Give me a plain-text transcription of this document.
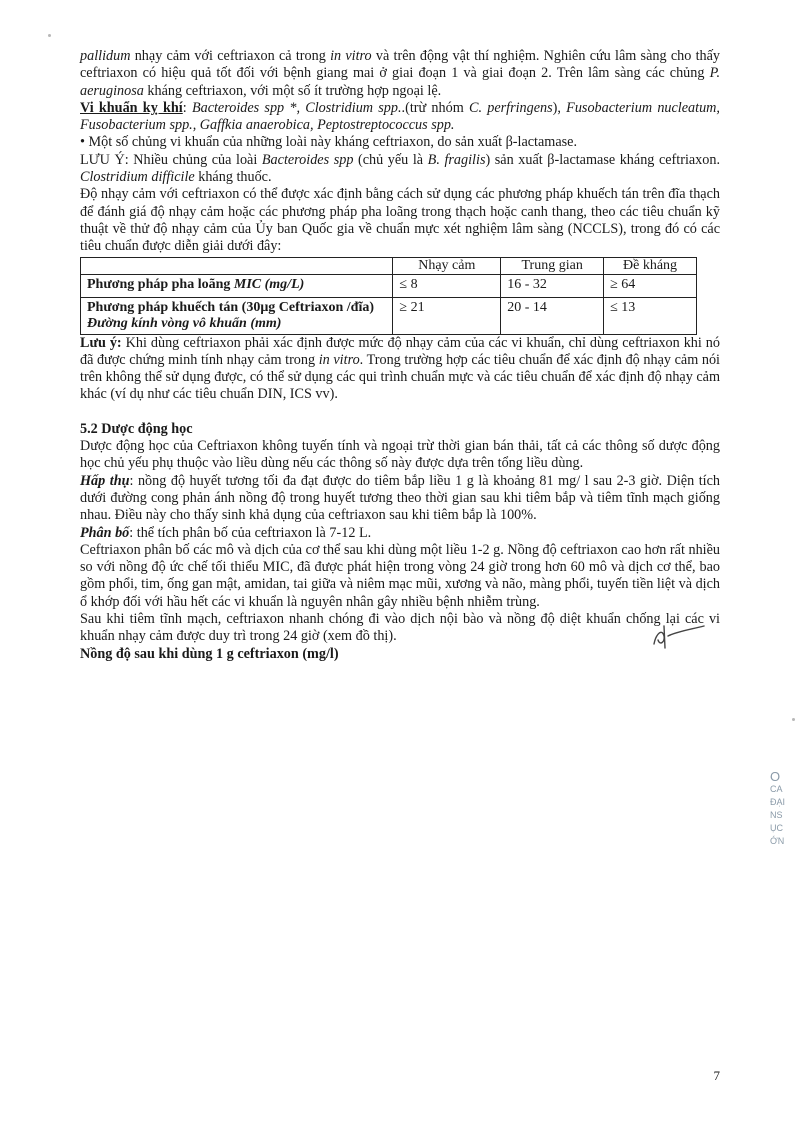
pallidum nhạy cảm với ceftriaxon cả trong in vitro và trên động vật thí nghiệm. Nghiên cứu lâm sàng cho thấy ceftriaxon có hiệu quả tốt đối với bệnh giang mai ở giai đoạn 1 và giai đoạn 2. Trên lâm sàng các chủng P. aeruginosa kháng ceftriaxon, với một số ít trường hợp ngoại lệ.

Vi khuẩn kỵ khí: Bacteroides spp *, Clostridium spp..(trừ nhóm C. perfringens), Fusobacterium nucleatum, Fusobacterium spp., Gaffkia anaerobica, Peptostreptococcus spp.

• Một số chủng vi khuẩn của những loài này kháng ceftriaxon, do sản xuất β-lactamase.

LƯU Ý: Nhiều chủng của loài Bacteroides spp (chủ yếu là B. fragilis) sản xuất β-lactamase kháng ceftriaxon. Clostridium difficile kháng thuốc.

Độ nhạy cảm với ceftriaxon có thể được xác định bằng cách sử dụng các phương pháp khuếch tán trên đĩa thạch để đánh giá độ nhạy cảm hoặc các phương pháp pha loãng trong thạch hoặc canh thang, theo các tiêu chuẩn kỹ thuật về thử độ nhạy cảm của Ủy ban Quốc gia về chuẩn mực xét nghiệm lâm sàng (NCCLS), trong đó có các tiêu chuẩn được diễn giải dưới đây:

	Nhạy cảm	Trung gian	Đề kháng
Phương pháp pha loãng MIC (mg/L)	≤ 8	16 - 32	≥ 64

Phương pháp khuếch tán (30μg Ceftriaxon /đĩa)
Đường kính vòng vô khuẩn (mm)	≥ 21	20 - 14	≤ 13

Lưu ý: Khi dùng ceftriaxon phải xác định được mức độ nhạy cảm của các vi khuẩn, chỉ dùng ceftriaxon khi nó đã được chứng minh tính nhạy cảm trong in vitro. Trong trường hợp các tiêu chuẩn để xác định độ nhạy cảm nói trên không thể sử dụng được, có thể sử dụng các qui trình chuẩn mực và các tiêu chuẩn để xác định độ nhạy cảm khác (ví dụ như các tiêu chuẩn DIN, ICS vv).

5.2 Dược động học

Dược động học của Ceftriaxon không tuyến tính và ngoại trừ thời gian bán thải, tất cả các thông số dược động học chủ yếu phụ thuộc vào liều dùng nếu các thông số này được dựa trên tổng liều dùng.

Hấp thụ: nồng độ huyết tương tối đa đạt được do tiêm bắp liều 1 g là khoảng 81 mg/ l sau 2-3 giờ. Diện tích dưới đường cong phản ánh nồng độ trong huyết tương theo thời gian sau khi tiêm bắp và tiêm tĩnh mạch giống nhau. Điều này cho thấy sinh khả dụng của ceftriaxon sau khi tiêm bắp là 100%.

Phân bố: thể tích phân bố của ceftriaxon là 7-12 L.

Ceftriaxon phân bố các mô và dịch của cơ thể sau khi dùng một liều 1-2 g. Nồng độ ceftriaxon cao hơn rất nhiều so với nồng độ ức chế tối thiểu MIC, đã được phát hiện trong vòng 24 giờ trong hơn 60 mô và dịch cơ thể, bao gồm phổi, tim, ống gan mật, amidan, tai giữa và niêm mạc mũi, xương và não, màng phổi, tuyến tiền liệt và dịch ổ khớp đối với hầu hết các vi khuẩn là nguyên nhân gây nhiều bệnh nhiễm trùng.

Sau khi tiêm tĩnh mạch, ceftriaxon nhanh chóng đi vào dịch nội bào và nồng độ diệt khuẩn chống lại các vi khuẩn nhạy cảm được duy trì trong 24 giờ (xem đồ thị).

Nồng độ sau khi dùng 1 g ceftriaxon (mg/l)

O
CA
ĐẠI
NS
ỤC
ỚN
7
